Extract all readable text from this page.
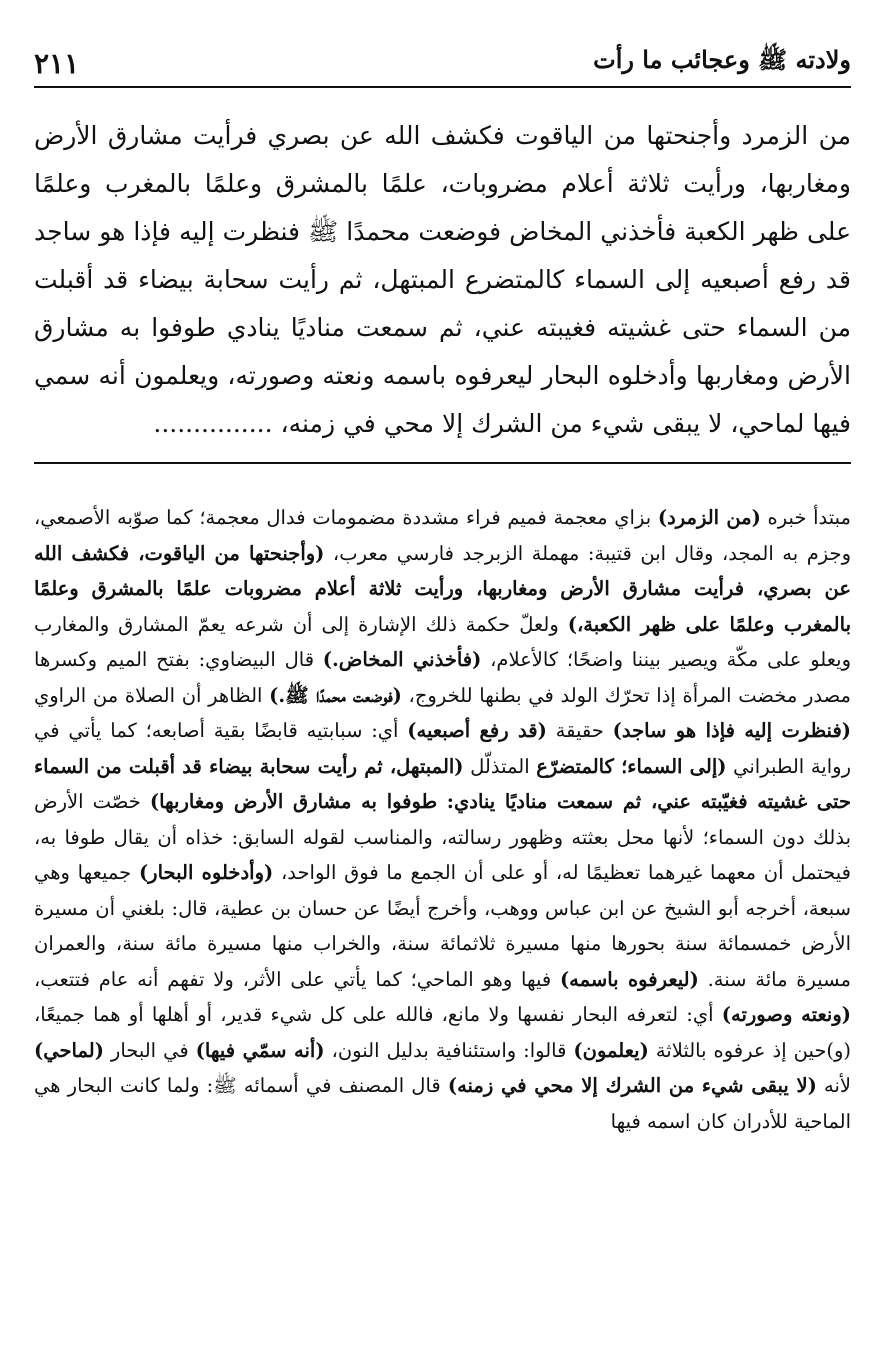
٢١١	ولادته ﷺ وعجائب ما رأت

من الزمرد وأجنحتها من الياقوت فكشف الله عن بصري فرأيت مشارق الأرض ومغاربها، ورأيت ثلاثة أعلام مضروبات، علمًا بالمشرق وعلمًا بالمغرب وعلمًا على ظهر الكعبة فأخذني المخاض فوضعت محمدًا ﷺ فنظرت إليه فإذا هو ساجد قد رفع أصبعيه إلى السماء كالمتضرع المبتهل، ثم رأيت سحابة بيضاء قد أقبلت من السماء حتى غشيته فغيبته عني، ثم سمعت مناديًا ينادي طوفوا به مشارق الأرض ومغاربها وأدخلوه البحار ليعرفوه باسمه ونعته وصورته، ويعلمون أنه سمي فيها لماحي، لا يبقى شيء من الشرك إلا محي في زمنه، ...............

مبتدأ خبره (من الزمرد) بزاي معجمة فميم فراء مشددة مضمومات فدال معجمة؛ كما صوّبه الأصمعي، وجزم به المجد، وقال ابن قتيبة: مهملة الزبرجد فارسي معرب، (وأجنحتها من الياقوت، فكشف الله عن بصري، فرأيت مشارق الأرض ومغاربها، ورأيت ثلاثة أعلام مضروبات علمًا بالمشرق وعلمًا بالمغرب وعلمًا على ظهر الكعبة،) ولعلّ حكمة ذلك الإشارة إلى أن شرعه يعمّ المشارق والمغارب ويعلو على مكّة ويصير بيننا واضحًا؛ كالأعلام، (فأخذني المخاض.) قال البيضاوي: بفتح الميم وكسرها مصدر مخضت المرأة إذا تحرّك الولد في بطنها للخروج، (فوضعت محمدًا ﷺ.) الظاهر أن الصلاة من الراوي (فنظرت إليه فإذا هو ساجد) حقيقة (قد رفع أصبعيه) أي: سبابتيه قابضًا بقية أصابعه؛ كما يأتي في رواية الطبراني (إلى السماء؛ كالمتضرّع المتذلّل (المبتهل، ثم رأيت سحابة بيضاء قد أقبلت من السماء حتى غشيته فغيّبته عني، ثم سمعت مناديًا ينادي: طوفوا به مشارق الأرض ومغاربها) خصّت الأرض بذلك دون السماء؛ لأنها محل بعثته وظهور رسالته، والمناسب لقوله السابق: خذاه أن يقال طوفا به، فيحتمل أن معهما غيرهما تعظيمًا له، أو على أن الجمع ما فوق الواحد، (وأدخلوه البحار) جميعها وهي سبعة، أخرجه أبو الشيخ عن ابن عباس ووهب، وأخرج أيضًا عن حسان بن عطية، قال: بلغني أن مسيرة الأرض خمسمائة سنة بحورها منها مسيرة ثلاثمائة سنة، والخراب منها مسيرة مائة سنة، والعمران مسيرة مائة سنة. (ليعرفوه باسمه) فيها وهو الماحي؛ كما يأتي على الأثر، ولا تفهم أنه عام فتتعب، (ونعته وصورته) أي: لتعرفه البحار نفسها ولا مانع، فالله على كل شيء قدير، أو أهلها أو هما جميعًا، (و)حين إذ عرفوه بالثلاثة (يعلمون) قالوا: واستئنافية بدليل النون، (أنه سمّي فيها) في البحار (لماحي) لأنه (لا يبقى شيء من الشرك إلا محي في زمنه) قال المصنف في أسمائه ﷺ: ولما كانت البحار هي الماحية للأدران كان اسمه فيها
